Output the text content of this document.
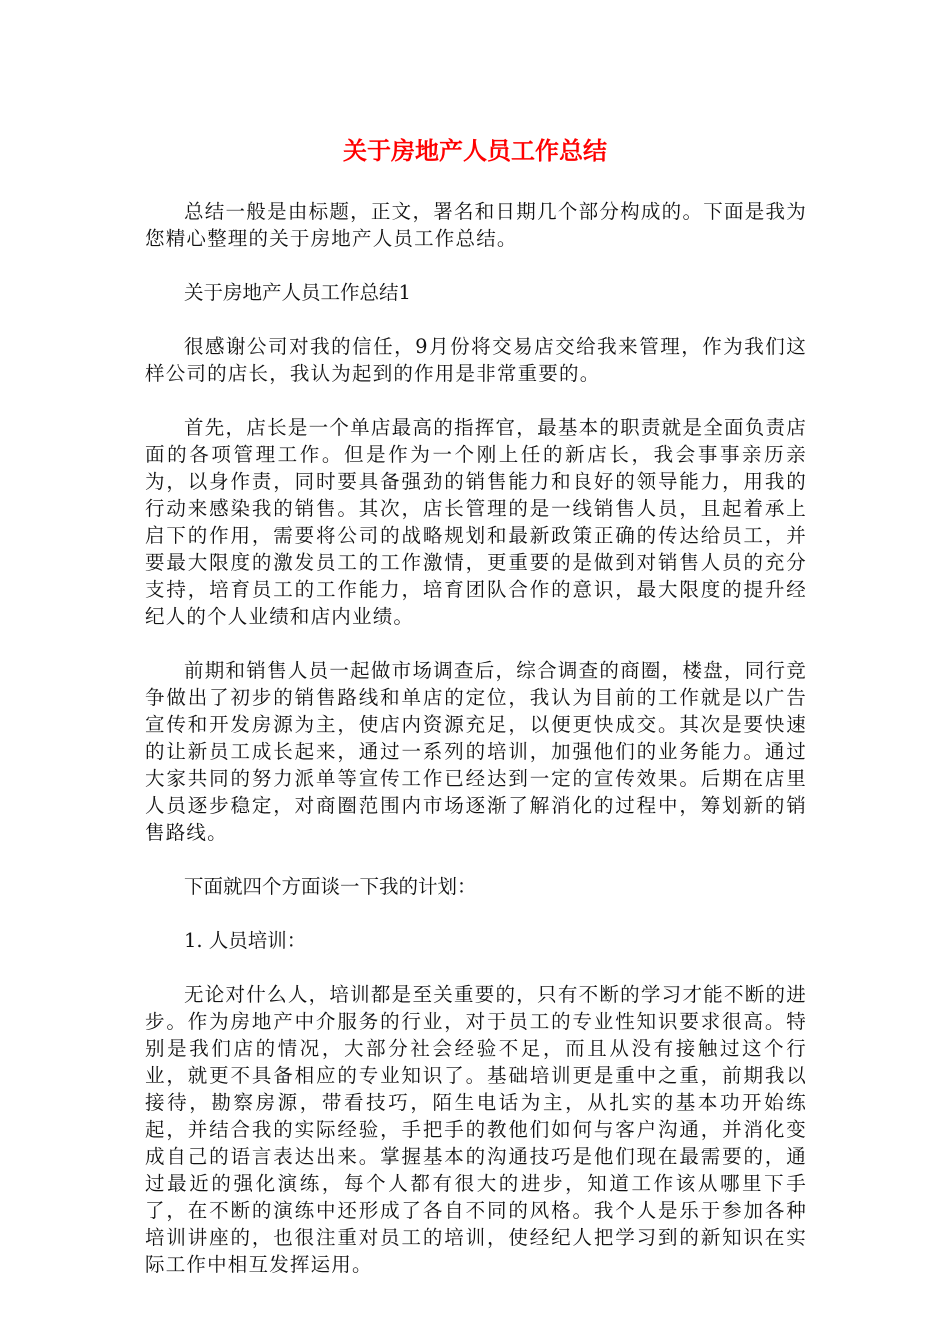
关于房地产人员工作总结

总结一般是由标题，正文，署名和日期几个部分构成的。下面是我为您精心整理的关于房地产人员工作总结。

关于房地产人员工作总结1

很感谢公司对我的信任，9月份将交易店交给我来管理，作为我们这样公司的店长，我认为起到的作用是非常重要的。

首先，店长是一个单店最高的指挥官，最基本的职责就是全面负责店面的各项管理工作。但是作为一个刚上任的新店长，我会事事亲历亲为，以身作责，同时要具备强劲的销售能力和良好的领导能力，用我的行动来感染我的销售。其次，店长管理的是一线销售人员，且起着承上启下的作用，需要将公司的战略规划和最新政策正确的传达给员工，并要最大限度的激发员工的工作激情，更重要的是做到对销售人员的充分支持，培育员工的工作能力，培育团队合作的意识，最大限度的提升经纪人的个人业绩和店内业绩。

前期和销售人员一起做市场调查后，综合调查的商圈，楼盘，同行竞争做出了初步的销售路线和单店的定位，我认为目前的工作就是以广告宣传和开发房源为主，使店内资源充足，以便更快成交。其次是要快速的让新员工成长起来，通过一系列的培训，加强他们的业务能力。通过大家共同的努力派单等宣传工作已经达到一定的宣传效果。后期在店里人员逐步稳定，对商圈范围内市场逐渐了解消化的过程中，筹划新的销售路线。

下面就四个方面谈一下我的计划：

1. 人员培训：

无论对什么人，培训都是至关重要的，只有不断的学习才能不断的进步。作为房地产中介服务的行业，对于员工的专业性知识要求很高。特别是我们店的情况，大部分社会经验不足，而且从没有接触过这个行业，就更不具备相应的专业知识了。基础培训更是重中之重，前期我以接待，勘察房源，带看技巧，陌生电话为主，从扎实的基本功开始练起，并结合我的实际经验，手把手的教他们如何与客户沟通，并消化变成自己的语言表达出来。掌握基本的沟通技巧是他们现在最需要的，通过最近的强化演练，每个人都有很大的进步，知道工作该从哪里下手了，在不断的演练中还形成了各自不同的风格。我个人是乐于参加各种培训讲座的，也很注重对员工的培训，使经纪人把学习到的新知识在实际工作中相互发挥运用。
